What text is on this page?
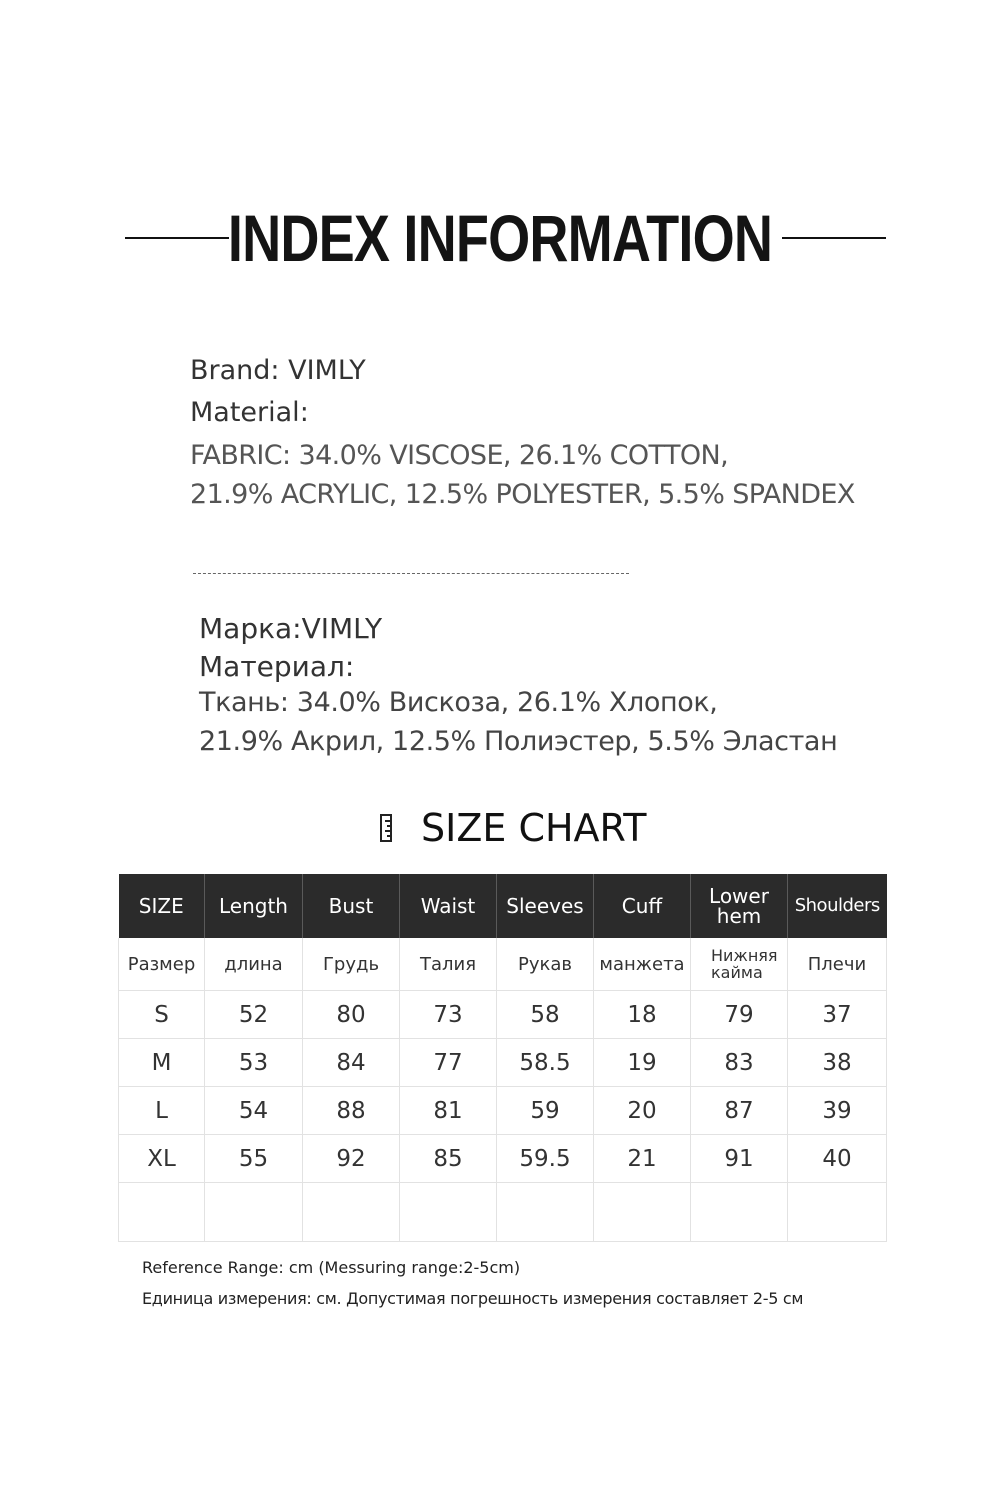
INDEX INFORMATION
Brand: VIMLY
Material:
FABRIC: 34.0% VISCOSE, 26.1% COTTON,
21.9% ACRYLIC, 12.5% POLYESTER, 5.5% SPANDEX
Марка:VIMLY
Материал:
Ткань: 34.0% Вискоза, 26.1% Хлопок,
21.9% Акрил, 12.5% Полиэстер, 5.5% Эластан
SIZE CHART
SIZE	Length	Bust	Waist	Sleeves	Cuff	Lower hem	Shoulders
Размер	длина	Грудь	Талия	Рукав	манжета	Нижняя кайма	Плечи
S	52	80	73	58	18	79	37
M	53	84	77	58.5	19	83	38
L	54	88	81	59	20	87	39
XL	55	92	85	59.5	21	91	40

Reference Range: cm (Messuring range:2-5cm)
Единица измерения: см. Допустимая погрешность измерения составляет 2-5 см
